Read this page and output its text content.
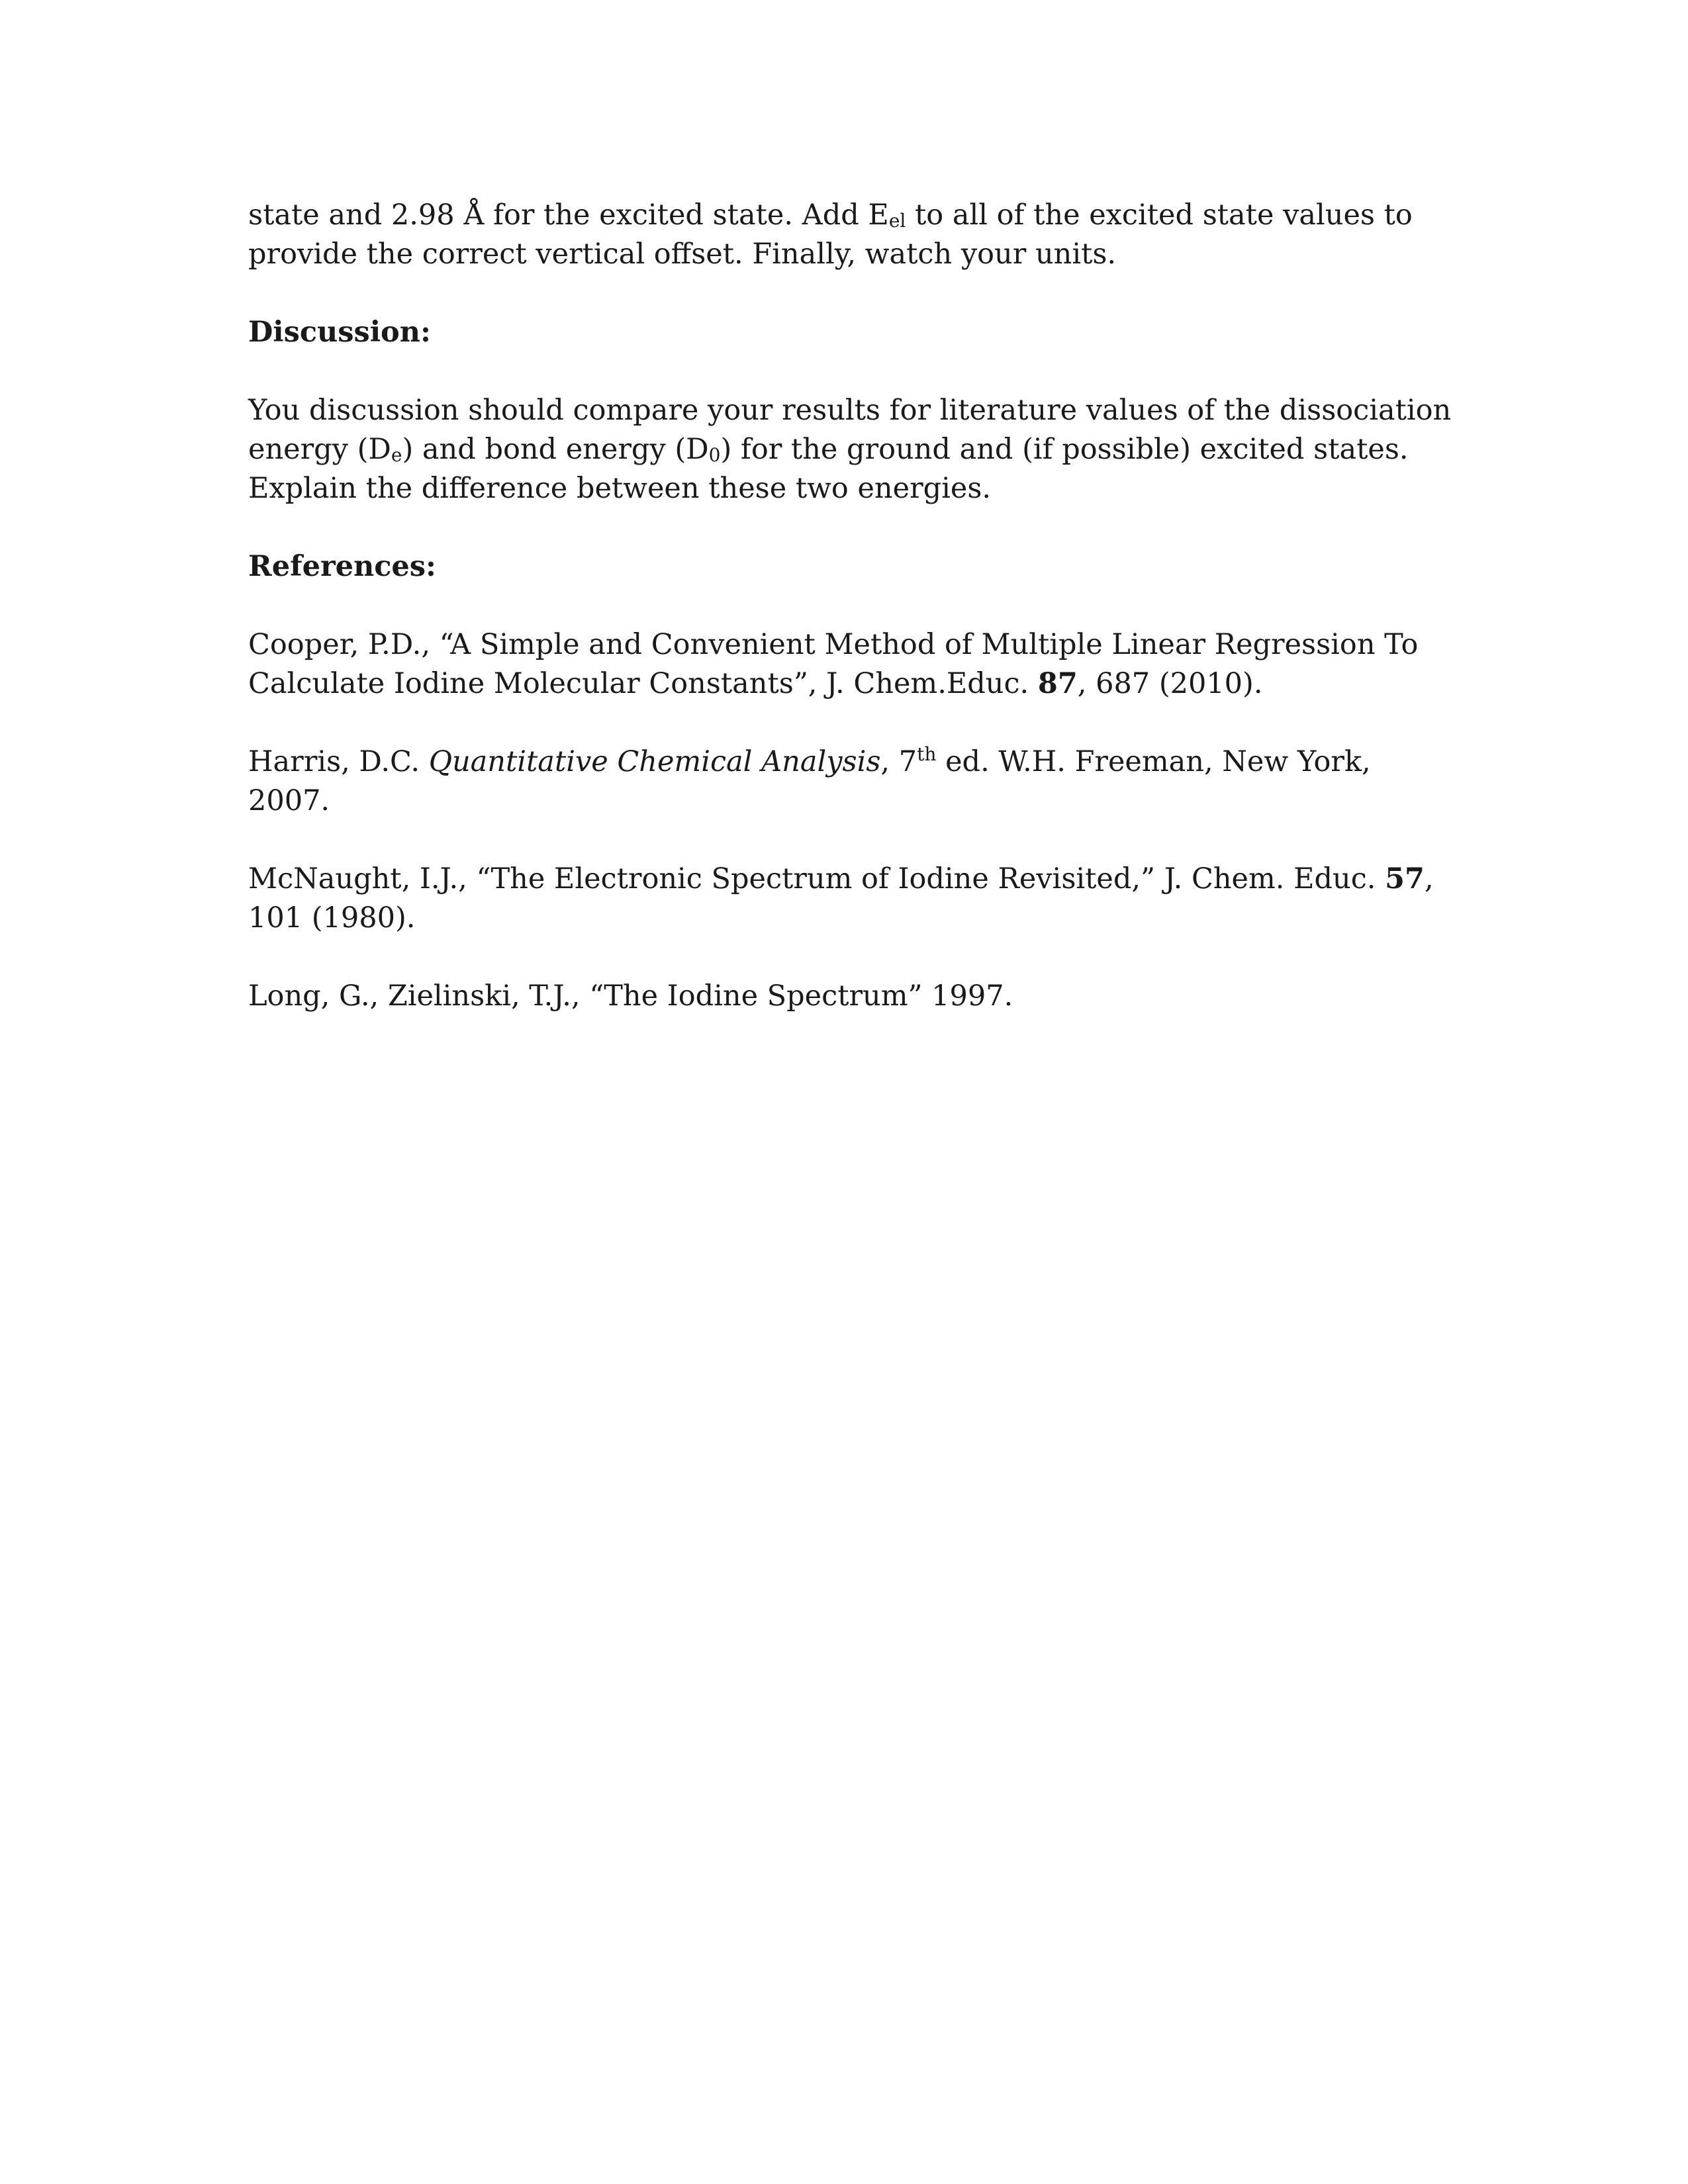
state and 2.98 Å for the excited state. Add $E_{el}$ to all of the excited state values to provide the correct vertical offset. Finally, watch your units.

Discussion:

You discussion should compare your results for literature values of the dissociation energy $(D_e)$ and bond energy $(D_0)$ for the ground and (if possible) excited states. Explain the difference between these two energies.

References:

Cooper, P.D., “A Simple and Convenient Method of Multiple Linear Regression To Calculate Iodine Molecular Constants”, J. Chem.Educ. 87, 687 (2010).

Harris, D.C. Quantitative Chemical Analysis, 7th ed. W.H. Freeman, New York, 2007.

McNaught, I.J., “The Electronic Spectrum of Iodine Revisited,” J. Chem. Educ. 57, 101 (1980).

Long, G., Zielinski, T.J., “The Iodine Spectrum” 1997.
